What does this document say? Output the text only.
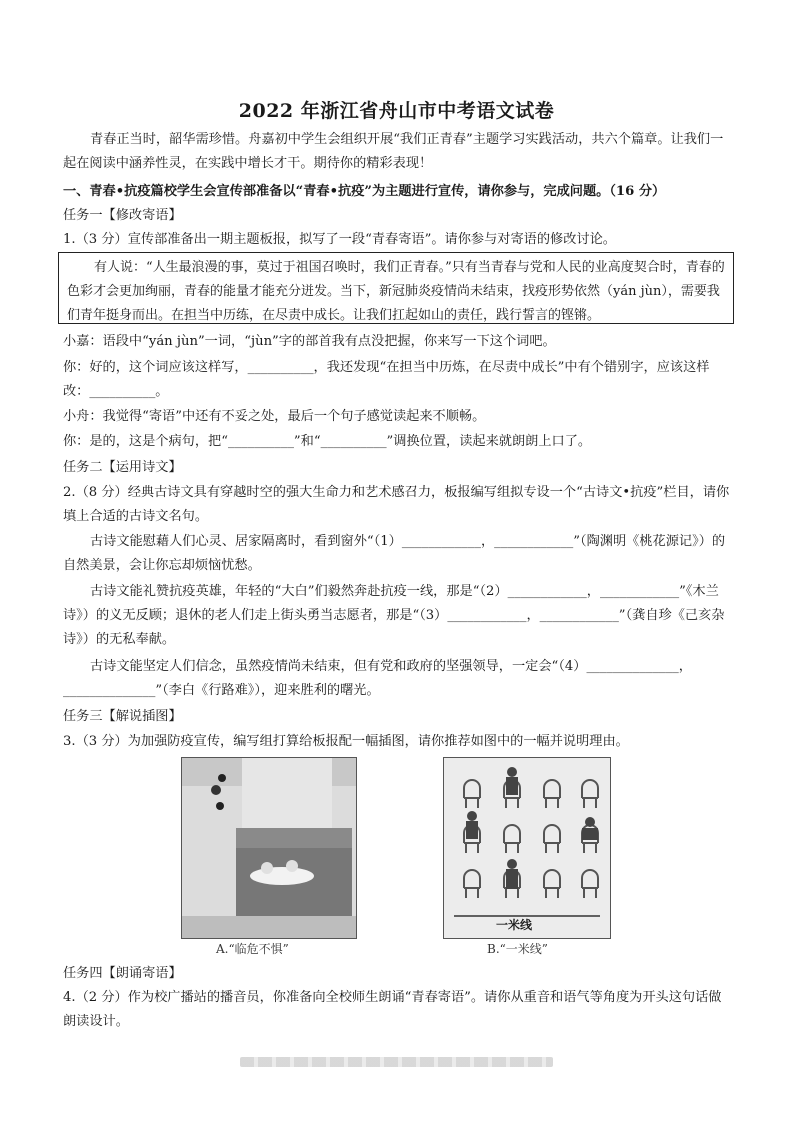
2022 年浙江省舟山市中考语文试卷

青春正当时，韶华需珍惜。舟嘉初中学生会组织开展“我们正青春”主题学习实践活动，共六个篇章。让我们一起在阅读中涵养性灵，在实践中增长才干。期待你的精彩表现！

一、青春•抗疫篇校学生会宣传部准备以“青春•抗疫”为主题进行宣传，请你参与，完成问题。（16 分）

任务一【修改寄语】

1.（3 分）宣传部准备出一期主题板报，拟写了一段“青春寄语”。请你参与对寄语的修改讨论。

有人说：“人生最浪漫的事，莫过于祖国召唤时，我们正青春。”只有当青春与党和人民的业高度契合时，青春的色彩才会更加绚丽，青春的能量才能充分迸发。当下，新冠肺炎疫情尚未结束，找疫形势依然（yán jùn），需要我们青年挺身而出。在担当中历练，在尽责中成长。让我们扛起如山的责任，践行誓言的铿锵。

小嘉：语段中“yán jùn”一词，“jùn”字的部首我有点没把握，你来写一下这个词吧。

你：好的，这个词应该这样写，__________，我还发现“在担当中历炼，在尽责中成长”中有个错别字，应该这样改：__________。

小舟：我觉得“寄语”中还有不妥之处，最后一个句子感觉读起来不顺畅。

你：是的，这是个病句，把“__________”和“__________”调换位置，读起来就朗朗上口了。

任务二【运用诗文】

2.（8 分）经典古诗文具有穿越时空的强大生命力和艺术感召力，板报编写组拟专设一个“古诗文•抗疫”栏目，请你填上合适的古诗文名句。

古诗文能慰藉人们心灵、居家隔离时，看到窗外“（1）____________，____________”（陶渊明《桃花源记》）的自然美景，会让你忘却烦恼忧愁。

古诗文能礼赞抗疫英雄，年轻的“大白”们毅然奔赴抗疫一线，那是“（2）____________，____________”《木兰诗》）的义无反顾；退休的老人们走上街头勇当志愿者，那是“（3）____________，____________”（龚自珍《己亥杂诗》）的无私奉献。

古诗文能坚定人们信念，虽然疫情尚未结束，但有党和政府的坚强领导，一定会“（4）______________，______________”（李白《行路难》），迎来胜利的曙光。

任务三【解说插图】

3.（3 分）为加强防疫宣传，编写组打算给板报配一幅插图，请你推荐如图中的一幅并说明理由。

A.“临危不惧”
一米线
B.“一米线”

任务四【朗诵寄语】

4.（2 分）作为校广播站的播音员，你准备向全校师生朗诵“青春寄语”。请你从重音和语气等角度为开头这句话做朗读设计。
